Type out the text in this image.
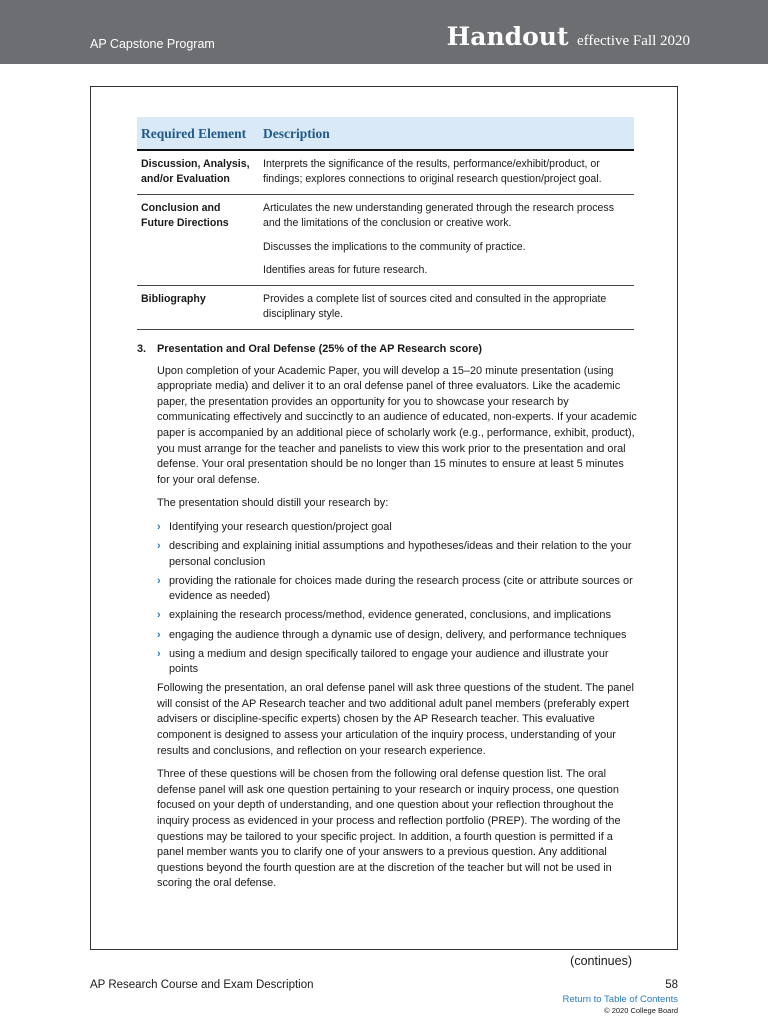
AP Capstone Program	Handout effective Fall 2020
Required Element	Description
Discussion, Analysis, and/or Evaluation	Interprets the significance of the results, performance/exhibit/product, or findings; explores connections to original research question/project goal.

Conclusion and Future Directions	Articulates the new understanding generated through the research process and the limitations of the conclusion or creative work.

Discusses the implications to the community of practice.

Identifies areas for future research.

Bibliography	Provides a complete list of sources cited and consulted in the appropriate disciplinary style.

3.	Presentation and Oral Defense (25% of the AP Research score)

Upon completion of your Academic Paper, you will develop a 15–20 minute presentation (using appropriate media) and deliver it to an oral defense panel of three evaluators. Like the academic paper, the presentation provides an opportunity for you to showcase your research by communicating effectively and succinctly to an audience of educated, non-experts. If your academic paper is accompanied by an additional piece of scholarly work (e.g., performance, exhibit, product), you must arrange for the teacher and panelists to view this work prior to the presentation and oral defense. Your oral presentation should be no longer than 15 minutes to ensure at least 5 minutes for your oral defense.

The presentation should distill your research by:

› Identifying your research question/project goal
› describing and explaining initial assumptions and hypotheses/ideas and their relation to the your personal conclusion
› providing the rationale for choices made during the research process (cite or attribute sources or evidence as needed)
› explaining the research process/method, evidence generated, conclusions, and implications
› engaging the audience through a dynamic use of design, delivery, and performance techniques
› using a medium and design specifically tailored to engage your audience and illustrate your points

Following the presentation, an oral defense panel will ask three questions of the student. The panel will consist of the AP Research teacher and two additional adult panel members (preferably expert advisers or discipline-specific experts) chosen by the AP Research teacher. This evaluative component is designed to assess your articulation of the inquiry process, understanding of your results and conclusions, and reflection on your research experience.

Three of these questions will be chosen from the following oral defense question list. The oral defense panel will ask one question pertaining to your research or inquiry process, one question focused on your depth of understanding, and one question about your reflection throughout the inquiry process as evidenced in your process and reflection portfolio (PREP). The wording of the questions may be tailored to your specific project. In addition, a fourth question is permitted if a panel member wants you to clarify one of your answers to a previous question. Any additional questions beyond the fourth question are at the discretion of the teacher but will not be used in scoring the oral defense.

(continues)
AP Research Course and Exam Description	58
Return to Table of Contents
© 2020 College Board
